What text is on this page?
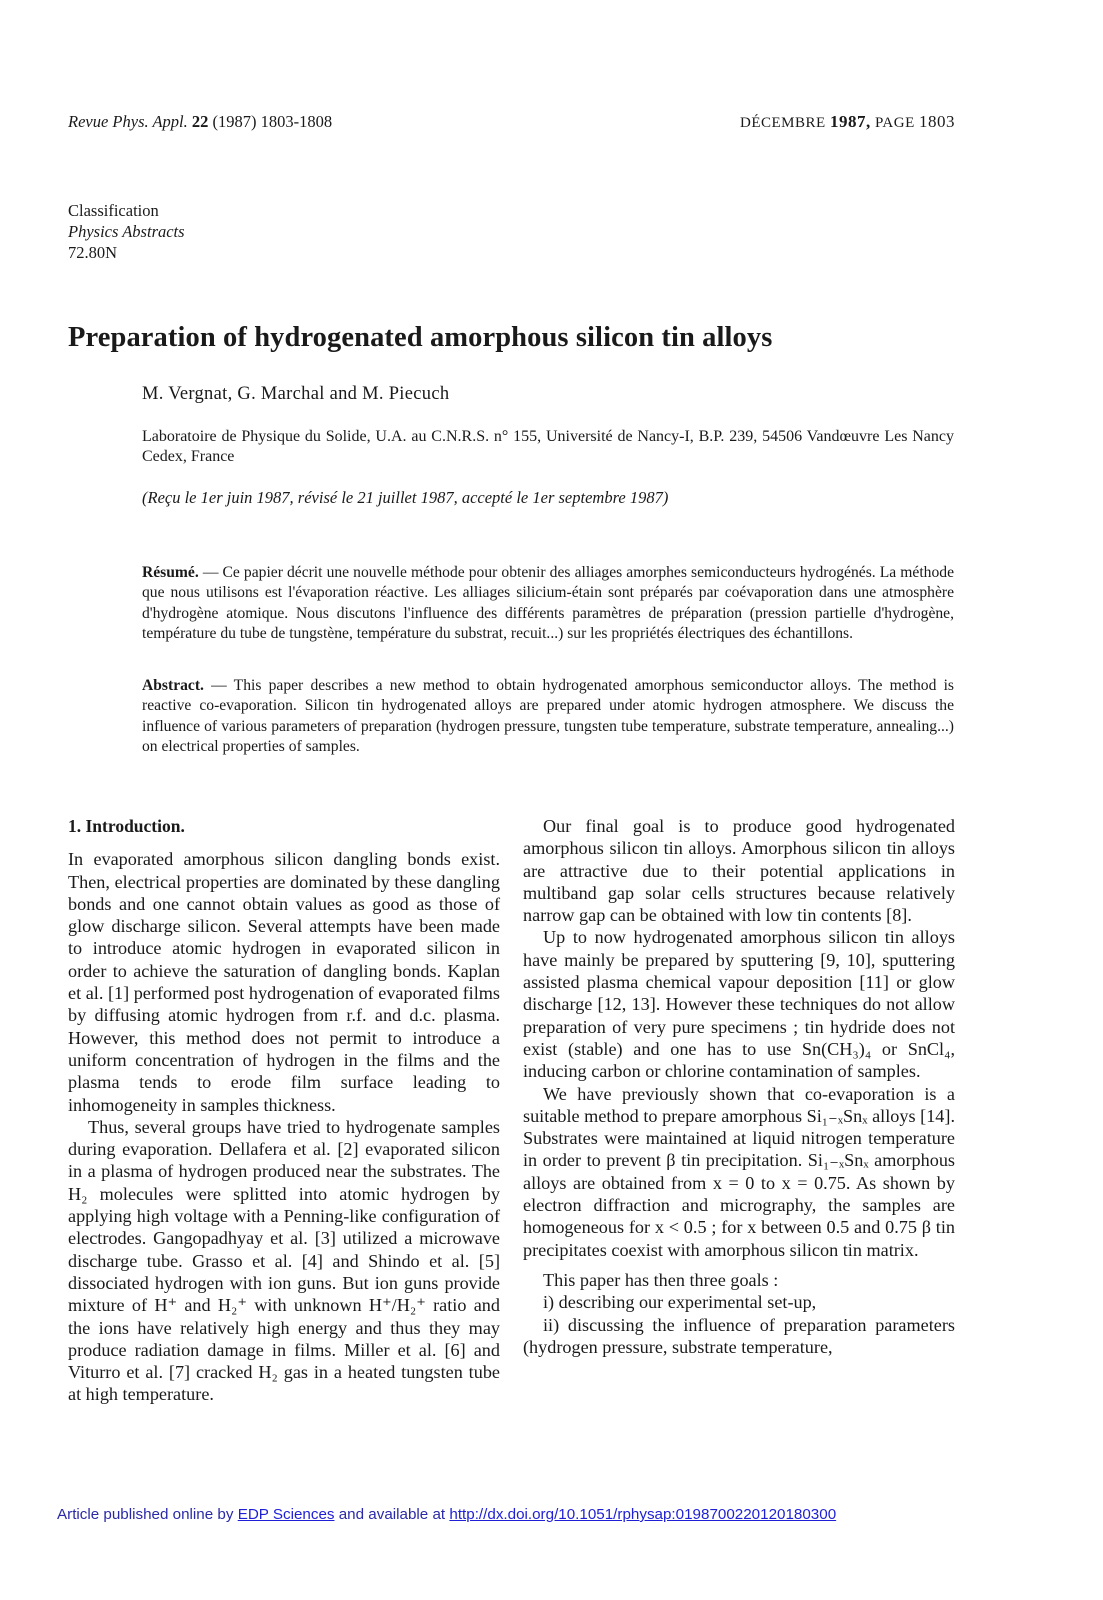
Revue Phys. Appl. 22 (1987) 1803-1808	DÉCEMBRE 1987, PAGE 1803
Classification
Physics Abstracts
72.80N
Preparation of hydrogenated amorphous silicon tin alloys
M. Vergnat, G. Marchal and M. Piecuch
Laboratoire de Physique du Solide, U.A. au C.N.R.S. n° 155, Université de Nancy-I, B.P. 239, 54506 Vandœuvre Les Nancy Cedex, France
(Reçu le 1er juin 1987, révisé le 21 juillet 1987, accepté le 1er septembre 1987)
Résumé. — Ce papier décrit une nouvelle méthode pour obtenir des alliages amorphes semiconducteurs hydrogénés. La méthode que nous utilisons est l'évaporation réactive. Les alliages silicium-étain sont préparés par coévaporation dans une atmosphère d'hydrogène atomique. Nous discutons l'influence des différents paramètres de préparation (pression partielle d'hydrogène, température du tube de tungstène, température du substrat, recuit...) sur les propriétés électriques des échantillons.
Abstract. — This paper describes a new method to obtain hydrogenated amorphous semiconductor alloys. The method is reactive co-evaporation. Silicon tin hydrogenated alloys are prepared under atomic hydrogen atmosphere. We discuss the influence of various parameters of preparation (hydrogen pressure, tungsten tube temperature, substrate temperature, annealing...) on electrical properties of samples.
1. Introduction.

In evaporated amorphous silicon dangling bonds exist. Then, electrical properties are dominated by these dangling bonds and one cannot obtain values as good as those of glow discharge silicon. Several attempts have been made to introduce atomic hydrogen in evaporated silicon in order to achieve the saturation of dangling bonds. Kaplan et al. [1] performed post hydrogenation of evaporated films by diffusing atomic hydrogen from r.f. and d.c. plasma. However, this method does not permit to introduce a uniform concentration of hydrogen in the films and the plasma tends to erode film surface leading to inhomogeneity in samples thickness.

Thus, several groups have tried to hydrogenate samples during evaporation. Dellafera et al. [2] evaporated silicon in a plasma of hydrogen produced near the substrates. The H₂ molecules were splitted into atomic hydrogen by applying high voltage with a Penning-like configuration of electrodes. Gangopadhyay et al. [3] utilized a microwave discharge tube. Grasso et al. [4] and Shindo et al. [5] dissociated hydrogen with ion guns. But ion guns provide mixture of H⁺ and H₂⁺ with unknown H⁺/H₂⁺ ratio and the ions have relatively high energy and thus they may produce radiation damage in films. Miller et al. [6] and Viturro et al. [7] cracked H₂ gas in a heated tungsten tube at high temperature.

Our final goal is to produce good hydrogenated amorphous silicon tin alloys. Amorphous silicon tin alloys are attractive due to their potential applications in multiband gap solar cells structures because relatively narrow gap can be obtained with low tin contents [8].

Up to now hydrogenated amorphous silicon tin alloys have mainly be prepared by sputtering [9, 10], sputtering assisted plasma chemical vapour deposition [11] or glow discharge [12, 13]. However these techniques do not allow preparation of very pure specimens ; tin hydride does not exist (stable) and one has to use Sn(CH₃)₄ or SnCl₄, inducing carbon or chlorine contamination of samples.

We have previously shown that co-evaporation is a suitable method to prepare amorphous Si₁₋ₓSnₓ alloys [14]. Substrates were maintained at liquid nitrogen temperature in order to prevent β tin precipitation. Si₁₋ₓSnₓ amorphous alloys are obtained from x = 0 to x = 0.75. As shown by electron diffraction and micrography, the samples are homogeneous for x < 0.5 ; for x between 0.5 and 0.75 β tin precipitates coexist with amorphous silicon tin matrix.

This paper has then three goals :

i) describing our experimental set-up,

ii) discussing the influence of preparation parameters (hydrogen pressure, substrate temperature,

Article published online by EDP Sciences and available at http://dx.doi.org/10.1051/rphysap:0198700220120180300
